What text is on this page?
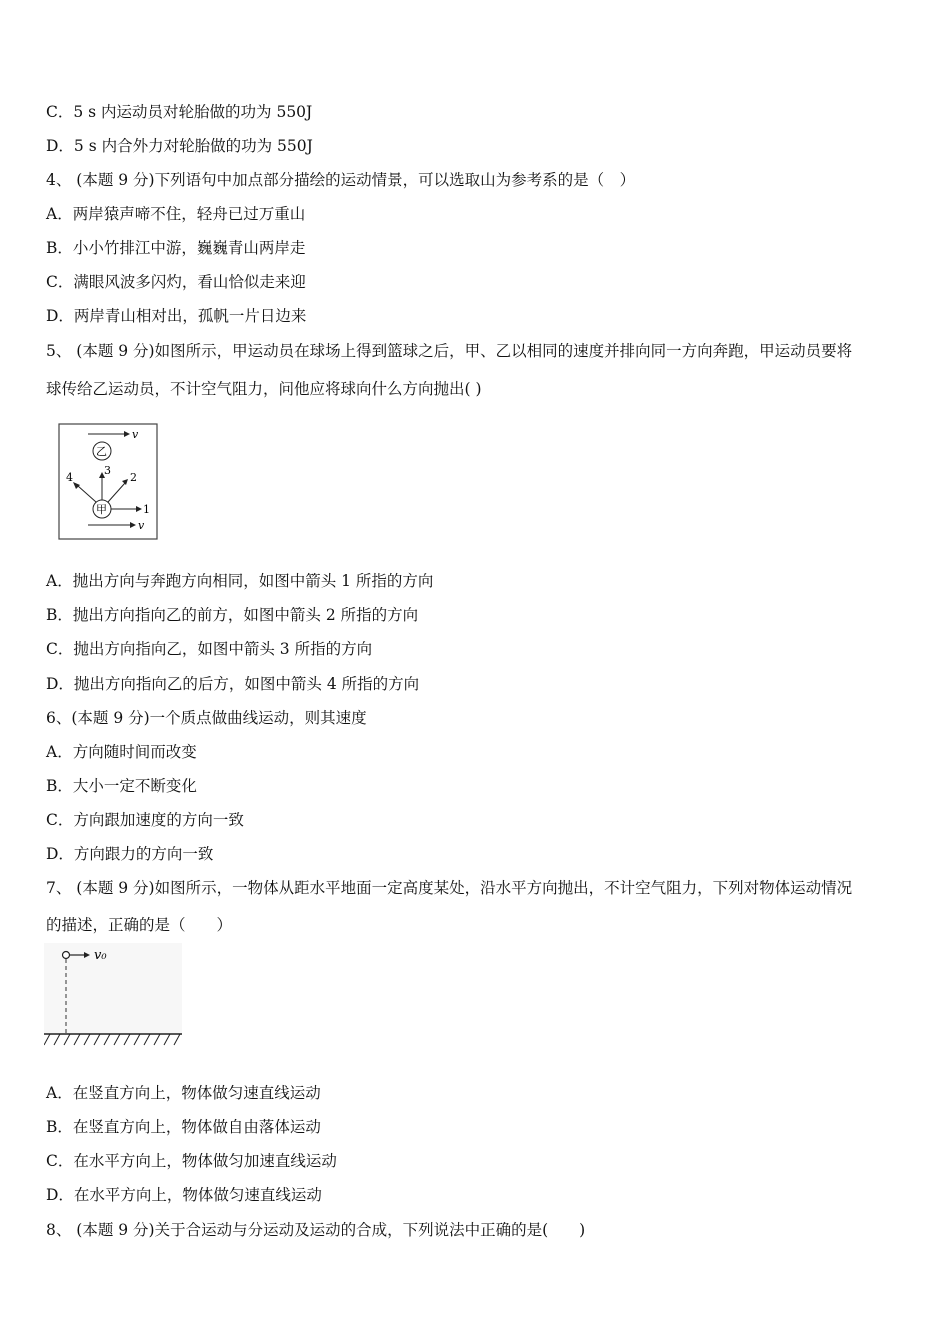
C．5 s 内运动员对轮胎做的功为 550J
D．5 s 内合外力对轮胎做的功为 550J
4、 (本题 9 分)下列语句中加点部分描绘的运动情景，可以选取山为参考系的是（　）
A．两岸猿声啼不住，轻舟已过万重山
B．小小竹排江中游，巍巍青山两岸走
C．满眼风波多闪灼，看山恰似走来迎
D．两岸青山相对出，孤帆一片日边来
5、 (本题 9 分)如图所示，甲运动员在球场上得到篮球之后，甲、乙以相同的速度并排向同一方向奔跑，甲运动员要将
球传给乙运动员，不计空气阻力，问他应将球向什么方向抛出( )
v
乙
甲	1
2
3
4
v
A．抛出方向与奔跑方向相同，如图中箭头 1 所指的方向
B．抛出方向指向乙的前方，如图中箭头 2 所指的方向
C．抛出方向指向乙，如图中箭头 3 所指的方向
D．抛出方向指向乙的后方，如图中箭头 4 所指的方向
6、(本题 9 分)一个质点做曲线运动，则其速度
A．方向随时间而改变
B．大小一定不断变化
C．方向跟加速度的方向一致
D．方向跟力的方向一致
7、 (本题 9 分)如图所示，一物体从距水平地面一定高度某处，沿水平方向抛出，不计空气阻力，下列对物体运动情况
的描述，正确的是（　　）
v₀
A．在竖直方向上，物体做匀速直线运动
B．在竖直方向上，物体做自由落体运动
C．在水平方向上，物体做匀加速直线运动
D．在水平方向上，物体做匀速直线运动
8、 (本题 9 分)关于合运动与分运动及运动的合成，下列说法中正确的是(　　)
